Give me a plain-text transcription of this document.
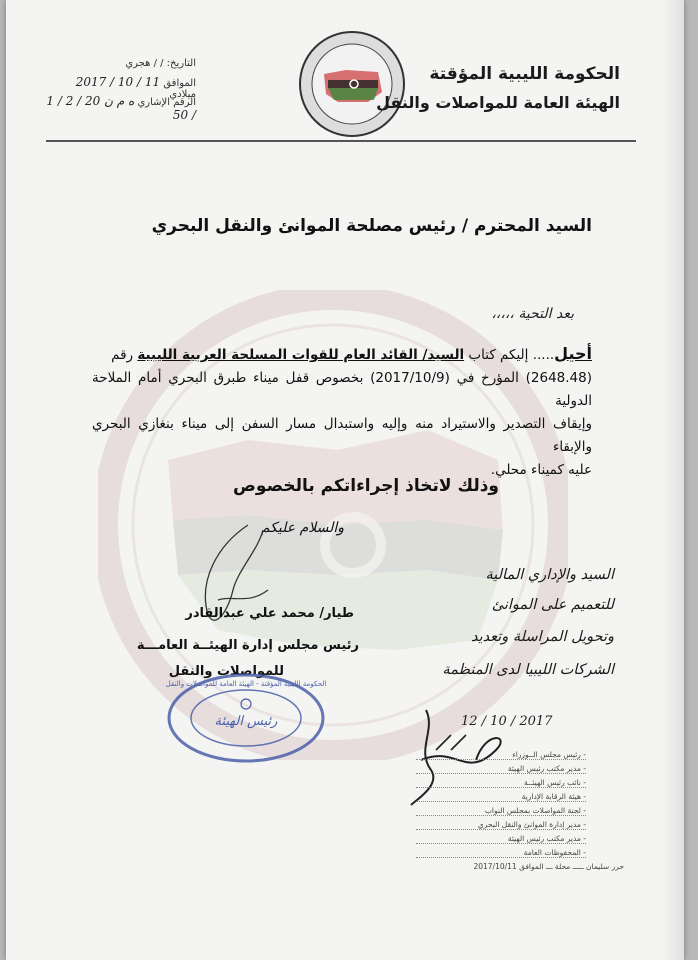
الحكومة الليبية المؤقتة
الهيئة العامة للمواصلات والنقل
التاريخ: / / هجري
الموافق 11 / 10 / 2017 ميلادي
الرقم الإشاري ه م ن 20 / 2 / 1 / 50
السيد المحترم / رئيس مصلحة الموانئ والنقل البحري
بعد التحية ،،،،،
أحيل..... إليكم كتاب السيد/ القائد العام للقوات المسلحة العربية الليبية رقم
(2648.48) المؤرخ في (2017/10/9) بخصوص قفل ميناء طبرق البحري أمام الملاحة الدولية
وإيقاف التصدير والاستيراد منه وإليه واستبدال مسار السفن إلى ميناء بنغازي البحري والإبقاء
عليه كميناء محلي.
وذلك لاتخاذ إجراءاتكم بالخصوص
والسلام عليكم
طيار/ محمد علي عبدالقادر
رئيس مجلس إدارة الهيئــة العامـــة
للمواصلات والنقل
الحكومة الليبية المؤقتة - الهيئة العامة للمواصلات والنقل
رئيس الهيئة
السيد والإداري المالية
للتعميم على الموانئ
وتحويل المراسلة وتعديد
الشركات الليبيا لدى المنظمة
12 / 10 / 2017
- رئيس مجلس الــوزراء
- مدير مكتب رئيس الهيئة
- نائب رئيس الهيئــة
- هيئة الرقابة الإدارية
- لجنة المواصلات بمجلس النواب
- مدير إدارة الموانئ والنقل البحري
- مدير مكتب رئيس الهيئة
- المحفوظات العامة
حرر سليمان ـــــ محلة ـــ الموافق 2017/10/11
